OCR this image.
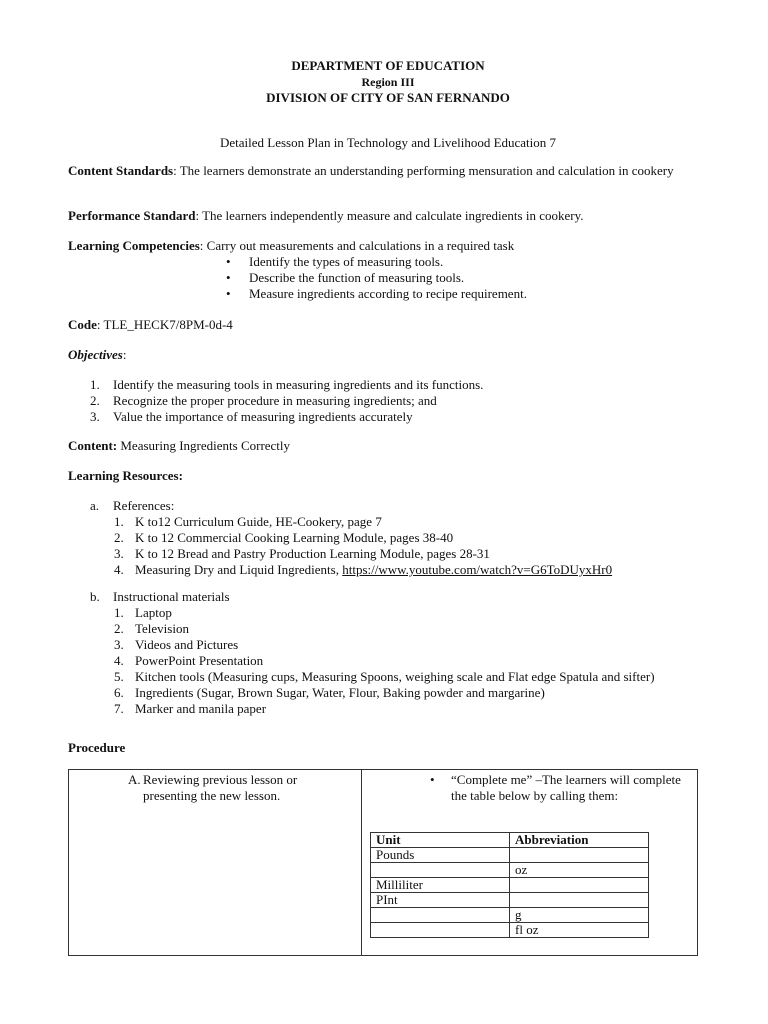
DEPARTMENT OF EDUCATION
Region III
DIVISION OF CITY OF SAN FERNANDO
Detailed Lesson Plan in Technology and Livelihood Education 7
Content Standards: The learners demonstrate an understanding performing mensuration and calculation in cookery
Performance Standard: The learners independently measure and calculate ingredients in cookery.
Learning Competencies: Carry out measurements and calculations in a required task
• Identify the types of measuring tools.
• Describe the function of measuring tools.
• Measure ingredients according to recipe requirement.
Code: TLE_HECK7/8PM-0d-4
Objectives:
1. Identify the measuring tools in measuring ingredients and its functions.
2. Recognize the proper procedure in measuring ingredients; and
3. Value the importance of measuring ingredients accurately
Content: Measuring Ingredients Correctly
Learning Resources:
a. References:
1. K to12 Curriculum Guide, HE-Cookery, page 7
2. K to 12 Commercial Cooking Learning Module, pages 38-40
3. K to 12 Bread and Pastry Production Learning Module, pages 28-31
4. Measuring Dry and Liquid Ingredients, https://www.youtube.com/watch?v=G6ToDUyxHr0
b. Instructional materials
1. Laptop
2. Television
3. Videos and Pictures
4. PowerPoint Presentation
5. Kitchen tools (Measuring cups, Measuring Spoons, weighing scale and Flat edge Spatula and sifter)
6. Ingredients (Sugar, Brown Sugar, Water, Flour, Baking powder and margarine)
7. Marker and manila paper
Procedure
A. Reviewing previous lesson or presenting the new lesson.
• “Complete me” –The learners will complete the table below by calling them:
Unit	Abbreviation
Pounds	
	oz
Milliliter	
PInt	
	g
	fl oz
